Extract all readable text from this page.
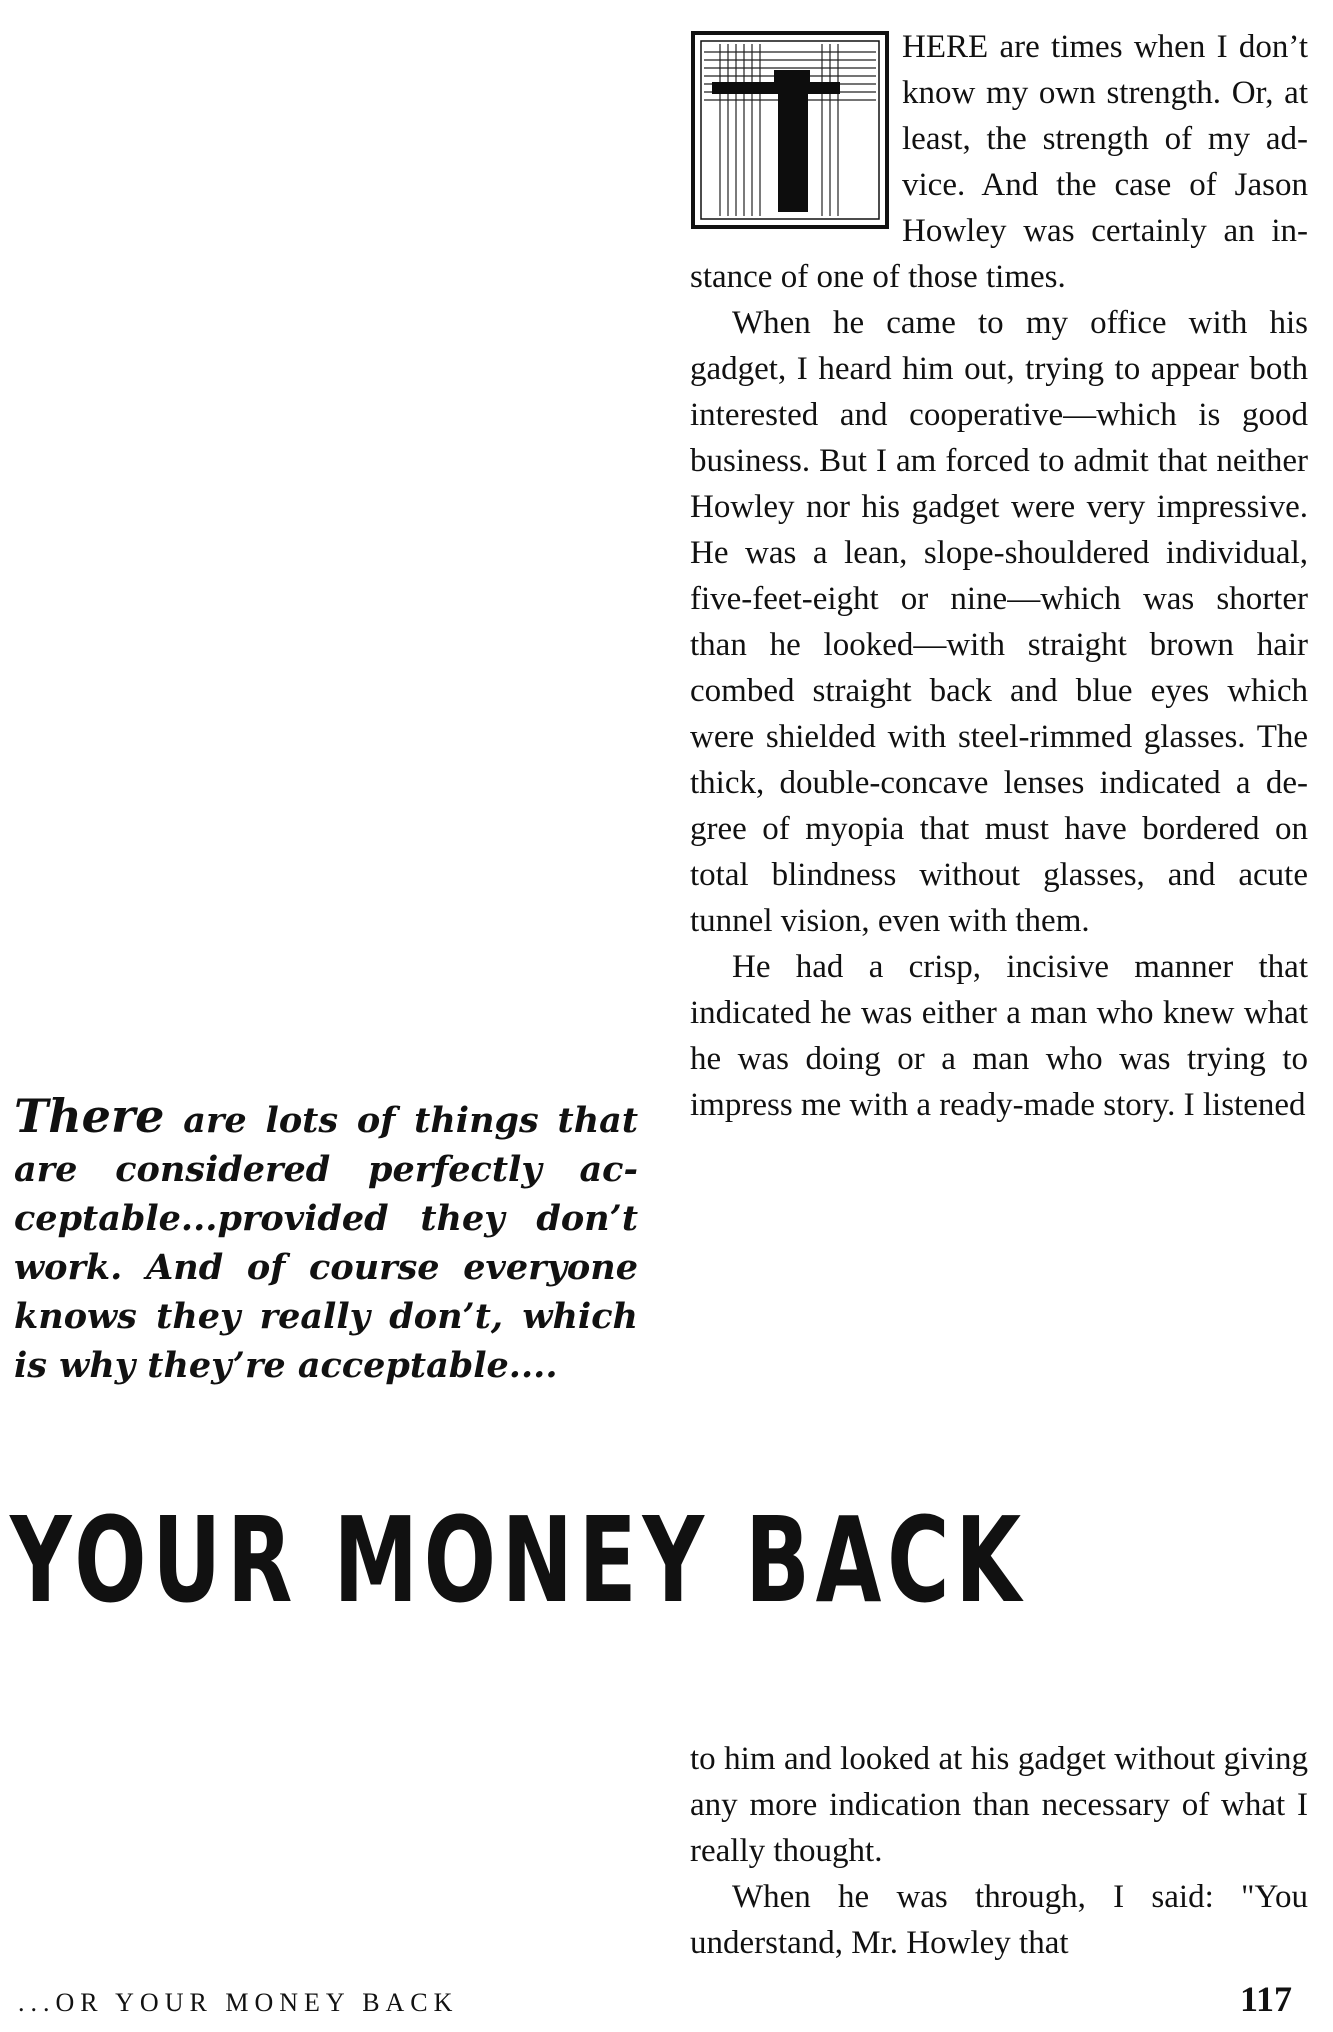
HERE are times when I don’t know my own strength. Or, at least, the strength of my advice. And the case of Jason Howley was certainly an instance of one of those times.

When he came to my office with his gadget, I heard him out, trying to appear both interested and cooperative—which is good business. But I am forced to admit that neither Howley nor his gadget were very impressive. He was a lean, slope-shouldered individual, five-feet-eight or nine—which was shorter than he looked—with straight brown hair combed straight back and blue eyes which were shielded with steel-rimmed glasses. The thick, double-concave lenses indicated a degree of myopia that must have bordered on total blindness without glasses, and acute tunnel vision, even with them.

He had a crisp, incisive manner that indicated he was either a man who knew what he was doing or a man who was trying to impress me with a ready-made story. I listened

There are lots of things that are considered perfectly acceptable...provided they don’t work. And of course everyone knows they really don’t, which is why they’re acceptable....
YOUR MONEY BACK

to him and looked at his gadget without giving any more indication than necessary of what I really thought.

When he was through, I said: "You understand, Mr. Howley that

...OR YOUR MONEY BACK	117
